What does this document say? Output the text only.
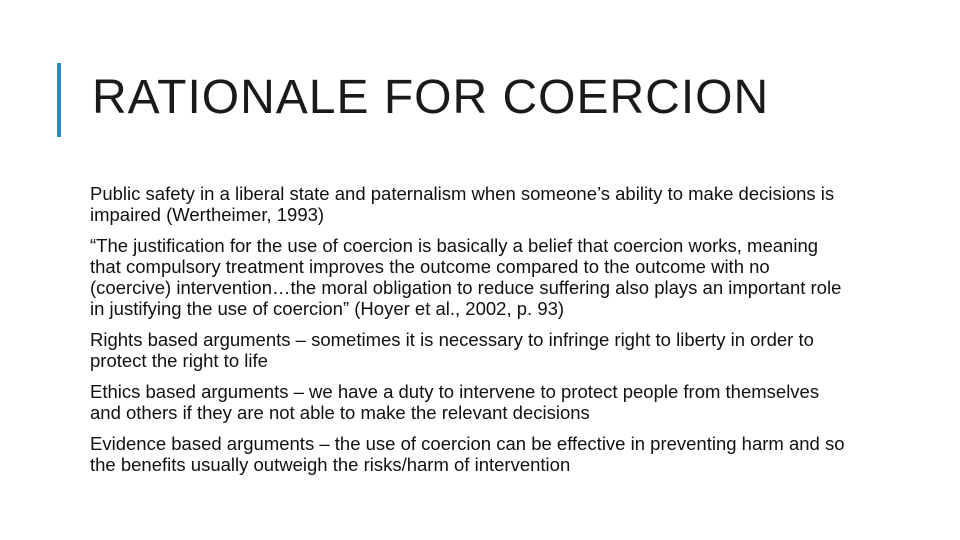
RATIONALE FOR COERCION
Public safety in a liberal state and paternalism when someone’s ability to make decisions is impaired (Wertheimer, 1993)
“The justification for the use of coercion is basically a belief that coercion works, meaning that compulsory treatment improves the outcome compared to the outcome with no (coercive) intervention…the moral obligation to reduce suffering also plays an important role in justifying the use of coercion” (Hoyer et al., 2002, p. 93)
Rights based arguments – sometimes it is necessary to infringe right to liberty in order to protect the right to life
Ethics based arguments – we have a duty to intervene to protect people from themselves and others if they are not able to make the relevant decisions
Evidence based arguments – the use of coercion can be effective in preventing harm and so the benefits usually outweigh the risks/harm of intervention
